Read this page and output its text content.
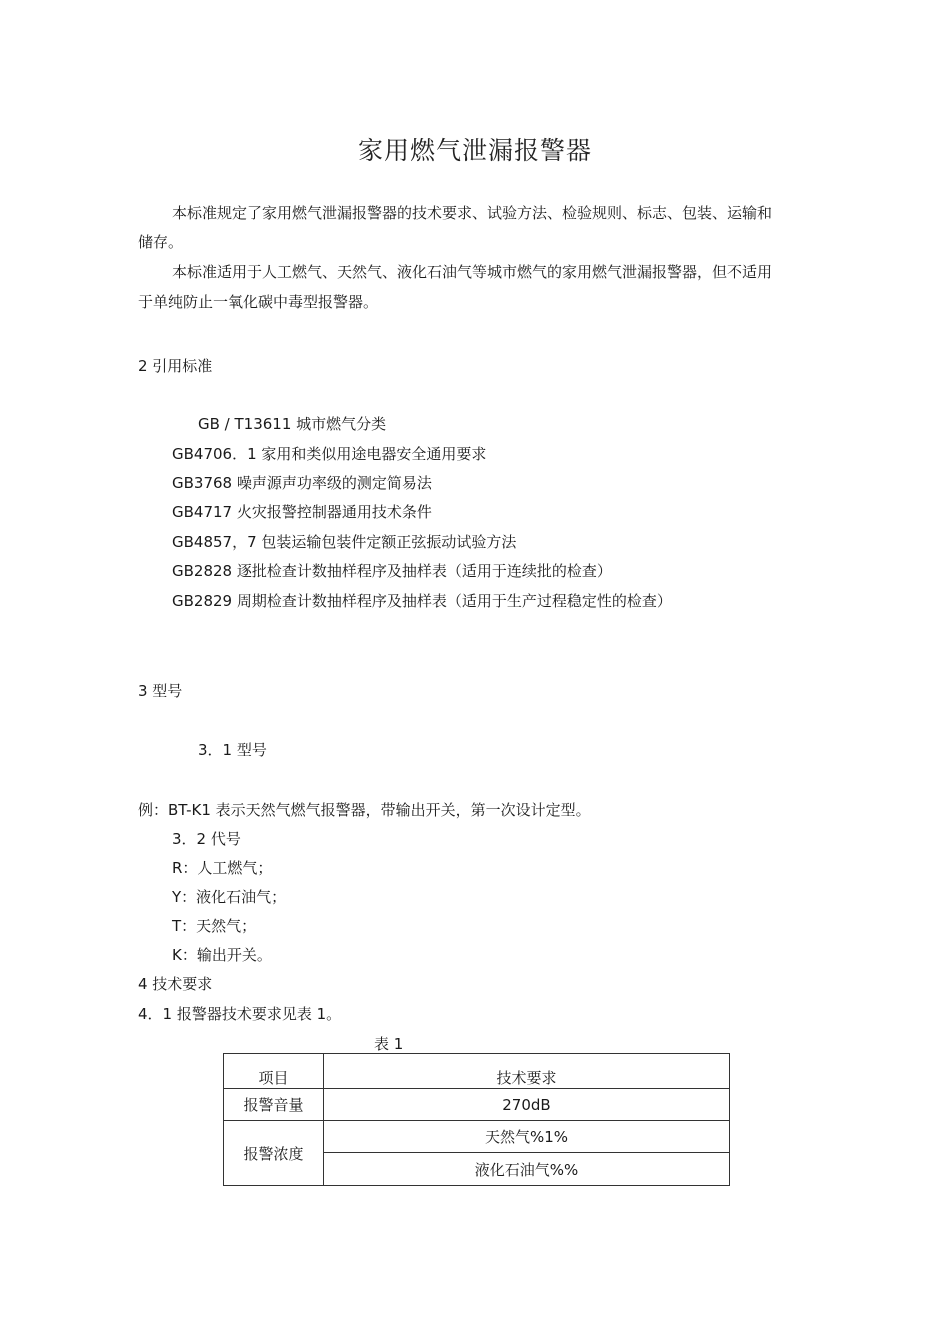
家用燃气泄漏报警器
本标准规定了家用燃气泄漏报警器的技术要求、试验方法、检验规则、标志、包装、运输和
储存。
本标准适用于人工燃气、天然气、液化石油气等城市燃气的家用燃气泄漏报警器，但不适用
于单纯防止一氧化碳中毒型报警器。
2 引用标准
GB / T13611 城市燃气分类
GB4706．1 家用和类似用途电器安全通用要求
GB3768 噪声源声功率级的测定简易法
GB4717 火灾报警控制器通用技术条件
GB4857，7 包装运输包装件定额正弦振动试验方法
GB2828 逐批检查计数抽样程序及抽样表（适用于连续批的检查）
GB2829 周期检查计数抽样程序及抽样表（适用于生产过程稳定性的检查）
3 型号
3．1 型号
例：BT-K1 表示天然气燃气报警器，带输出开关，第一次设计定型。
3．2 代号
R：人工燃气；
Y：液化石油气；
T：天然气；
K：输出开关。
4 技术要求
4．1 报警器技术要求见表 1。
表 1
项目	技术要求
报警音量	270dB
报警浓度	天然气%1%
	液化石油气%%
